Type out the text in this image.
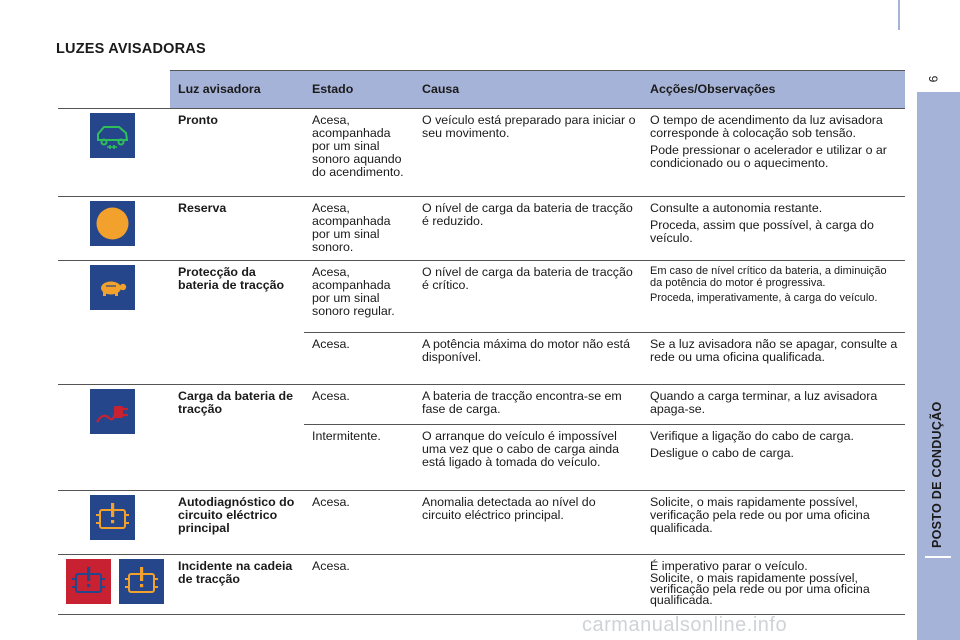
LUZES AVISADORAS
9
POSTO DE CONDUÇÃO
	Luz avisadora	Estado	Causa	Acções/Observações

	Pronto	Acesa, acompanhada por um sinal sonoro aquando do acendimento.	O veículo está preparado para iniciar o seu movimento.	O tempo de acendimento da luz avisadora corresponde à colocação sob tensão.
Pode pressionar o acelerador e utilizar o ar condicionado ou o aquecimento.

	Reserva	Acesa, acompanhada por um sinal sonoro.	O nível de carga da bateria de tracção é reduzido.	Consulte a autonomia restante.
Proceda, assim que possível, à carga do veículo.

	Protecção da bateria de tracção	Acesa, acompanhada por um sinal sonoro regular.	O nível de carga da bateria de tracção é crítico.	Em caso de nível crítico da bateria, a diminuição da potência do motor é progressiva.
Proceda, imperativamente, à carga do veículo.

		Acesa.	A potência máxima do motor não está disponível.	Se a luz avisadora não se apagar, consulte a rede ou uma oficina qualificada.

	Carga da bateria de tracção	Acesa.	A bateria de tracção encontra-se em fase de carga.	Quando a carga terminar, a luz avisadora apaga-se.

		Intermitente.	O arranque do veículo é impossível uma vez que o cabo de carga ainda está ligado à tomada do veículo.	Verifique a ligação do cabo de carga.
Desligue o cabo de carga.

	Autodiagnóstico do circuito eléctrico principal	Acesa.	Anomalia detectada ao nível do circuito eléctrico principal.	Solicite, o mais rapidamente possível, verificação pela rede ou por uma oficina qualificada.

	Incidente na cadeia de tracção	Acesa.		É imperativo parar o veículo.
Solicite, o mais rapidamente possível, verificação pela rede ou por uma oficina qualificada.
carmanualsonline.info
